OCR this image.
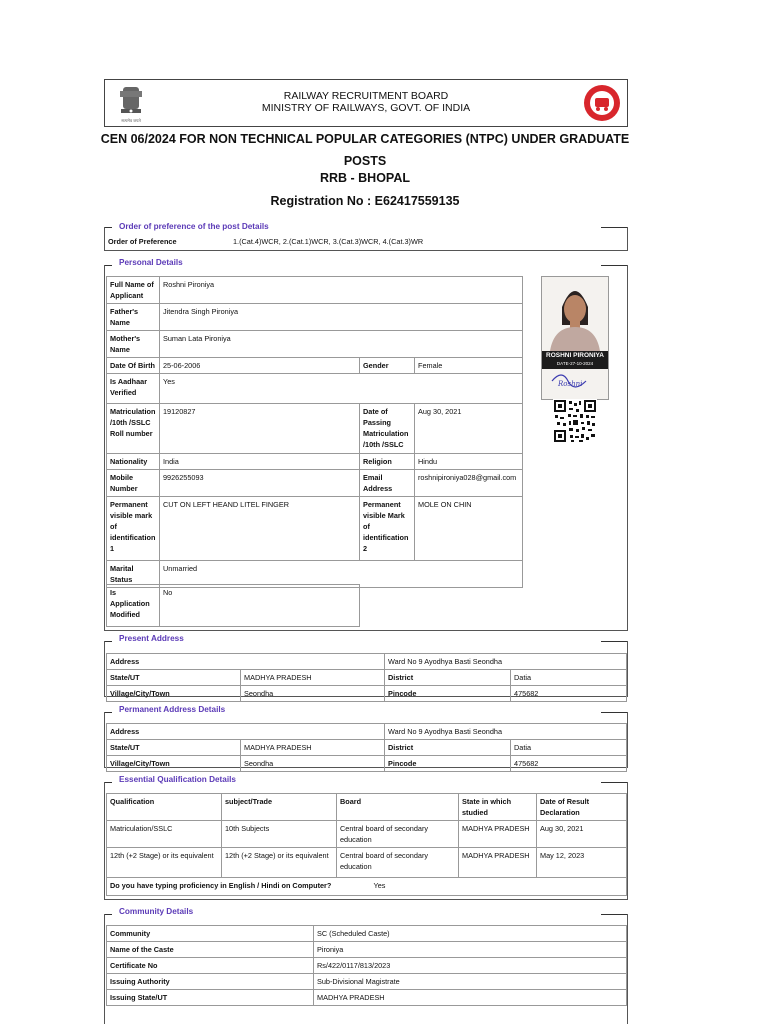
सत्यमेव जयते
RAILWAY RECRUITMENT BOARD
MINISTRY OF RAILWAYS, GOVT. OF INDIA
CEN 06/2024 FOR NON TECHNICAL POPULAR CATEGORIES (NTPC) UNDER GRADUATE POSTS
RRB - BHOPAL
Registration No : E62417559135
Order of preference of the post Details
Order of Preference	1.(Cat.4)WCR, 2.(Cat.1)WCR, 3.(Cat.3)WCR, 4.(Cat.3)WR
Personal Details
Full Name of Applicant	Roshni Pironiya		
Father's Name	Jitendra Singh Pironiya		
Mother's Name	Suman Lata Pironiya		
Date Of Birth	25-06-2006	Gender	Female
Is Aadhaar Verified	Yes		
Matriculation /10th /SSLC Roll number	19120827	Date of Passing Matriculation /10th /SSLC	Aug 30, 2021
Nationality	India	Religion	Hindu
Mobile Number	9926255093	Email Address	roshnipironiya028@gmail.com
Permanent visible mark of identification 1	CUT ON LEFT HEAND LITEL FINGER	Permanent visible Mark of identification 2	MOLE ON CHIN
Marital Status	Unmarried		
Is Application Modified	No
ROSHNI PIRONIYA
DATE-27-10-2024
Roshni
Present Address
Address		Ward No 9 Ayodhya Basti Seondha	
State/UT	MADHYA PRADESH	District	Datia
Village/City/Town	Seondha	Pincode	475682
Permanent Address Details
Address		Ward No 9 Ayodhya Basti Seondha	
State/UT	MADHYA PRADESH	District	Datia
Village/City/Town	Seondha	Pincode	475682
Essential Qualification Details
Qualification	subject/Trade	Board	State in which studied	Date of Result Declaration
Matriculation/SSLC	10th Subjects	Central board of secondary education	MADHYA PRADESH	Aug 30, 2021
12th (+2 Stage) or its equivalent	12th (+2 Stage) or its equivalent	Central board of secondary education	MADHYA PRADESH	May 12, 2023
Do you have typing proficiency in English / Hindi on Computer?			Yes	
Community Details
Community	SC (Scheduled Caste)
Name of the Caste	Pironiya
Certificate No	Rs/422/0117/813/2023
Issuing Authority	Sub-Divisional Magistrate
Issuing State/UT	MADHYA PRADESH
